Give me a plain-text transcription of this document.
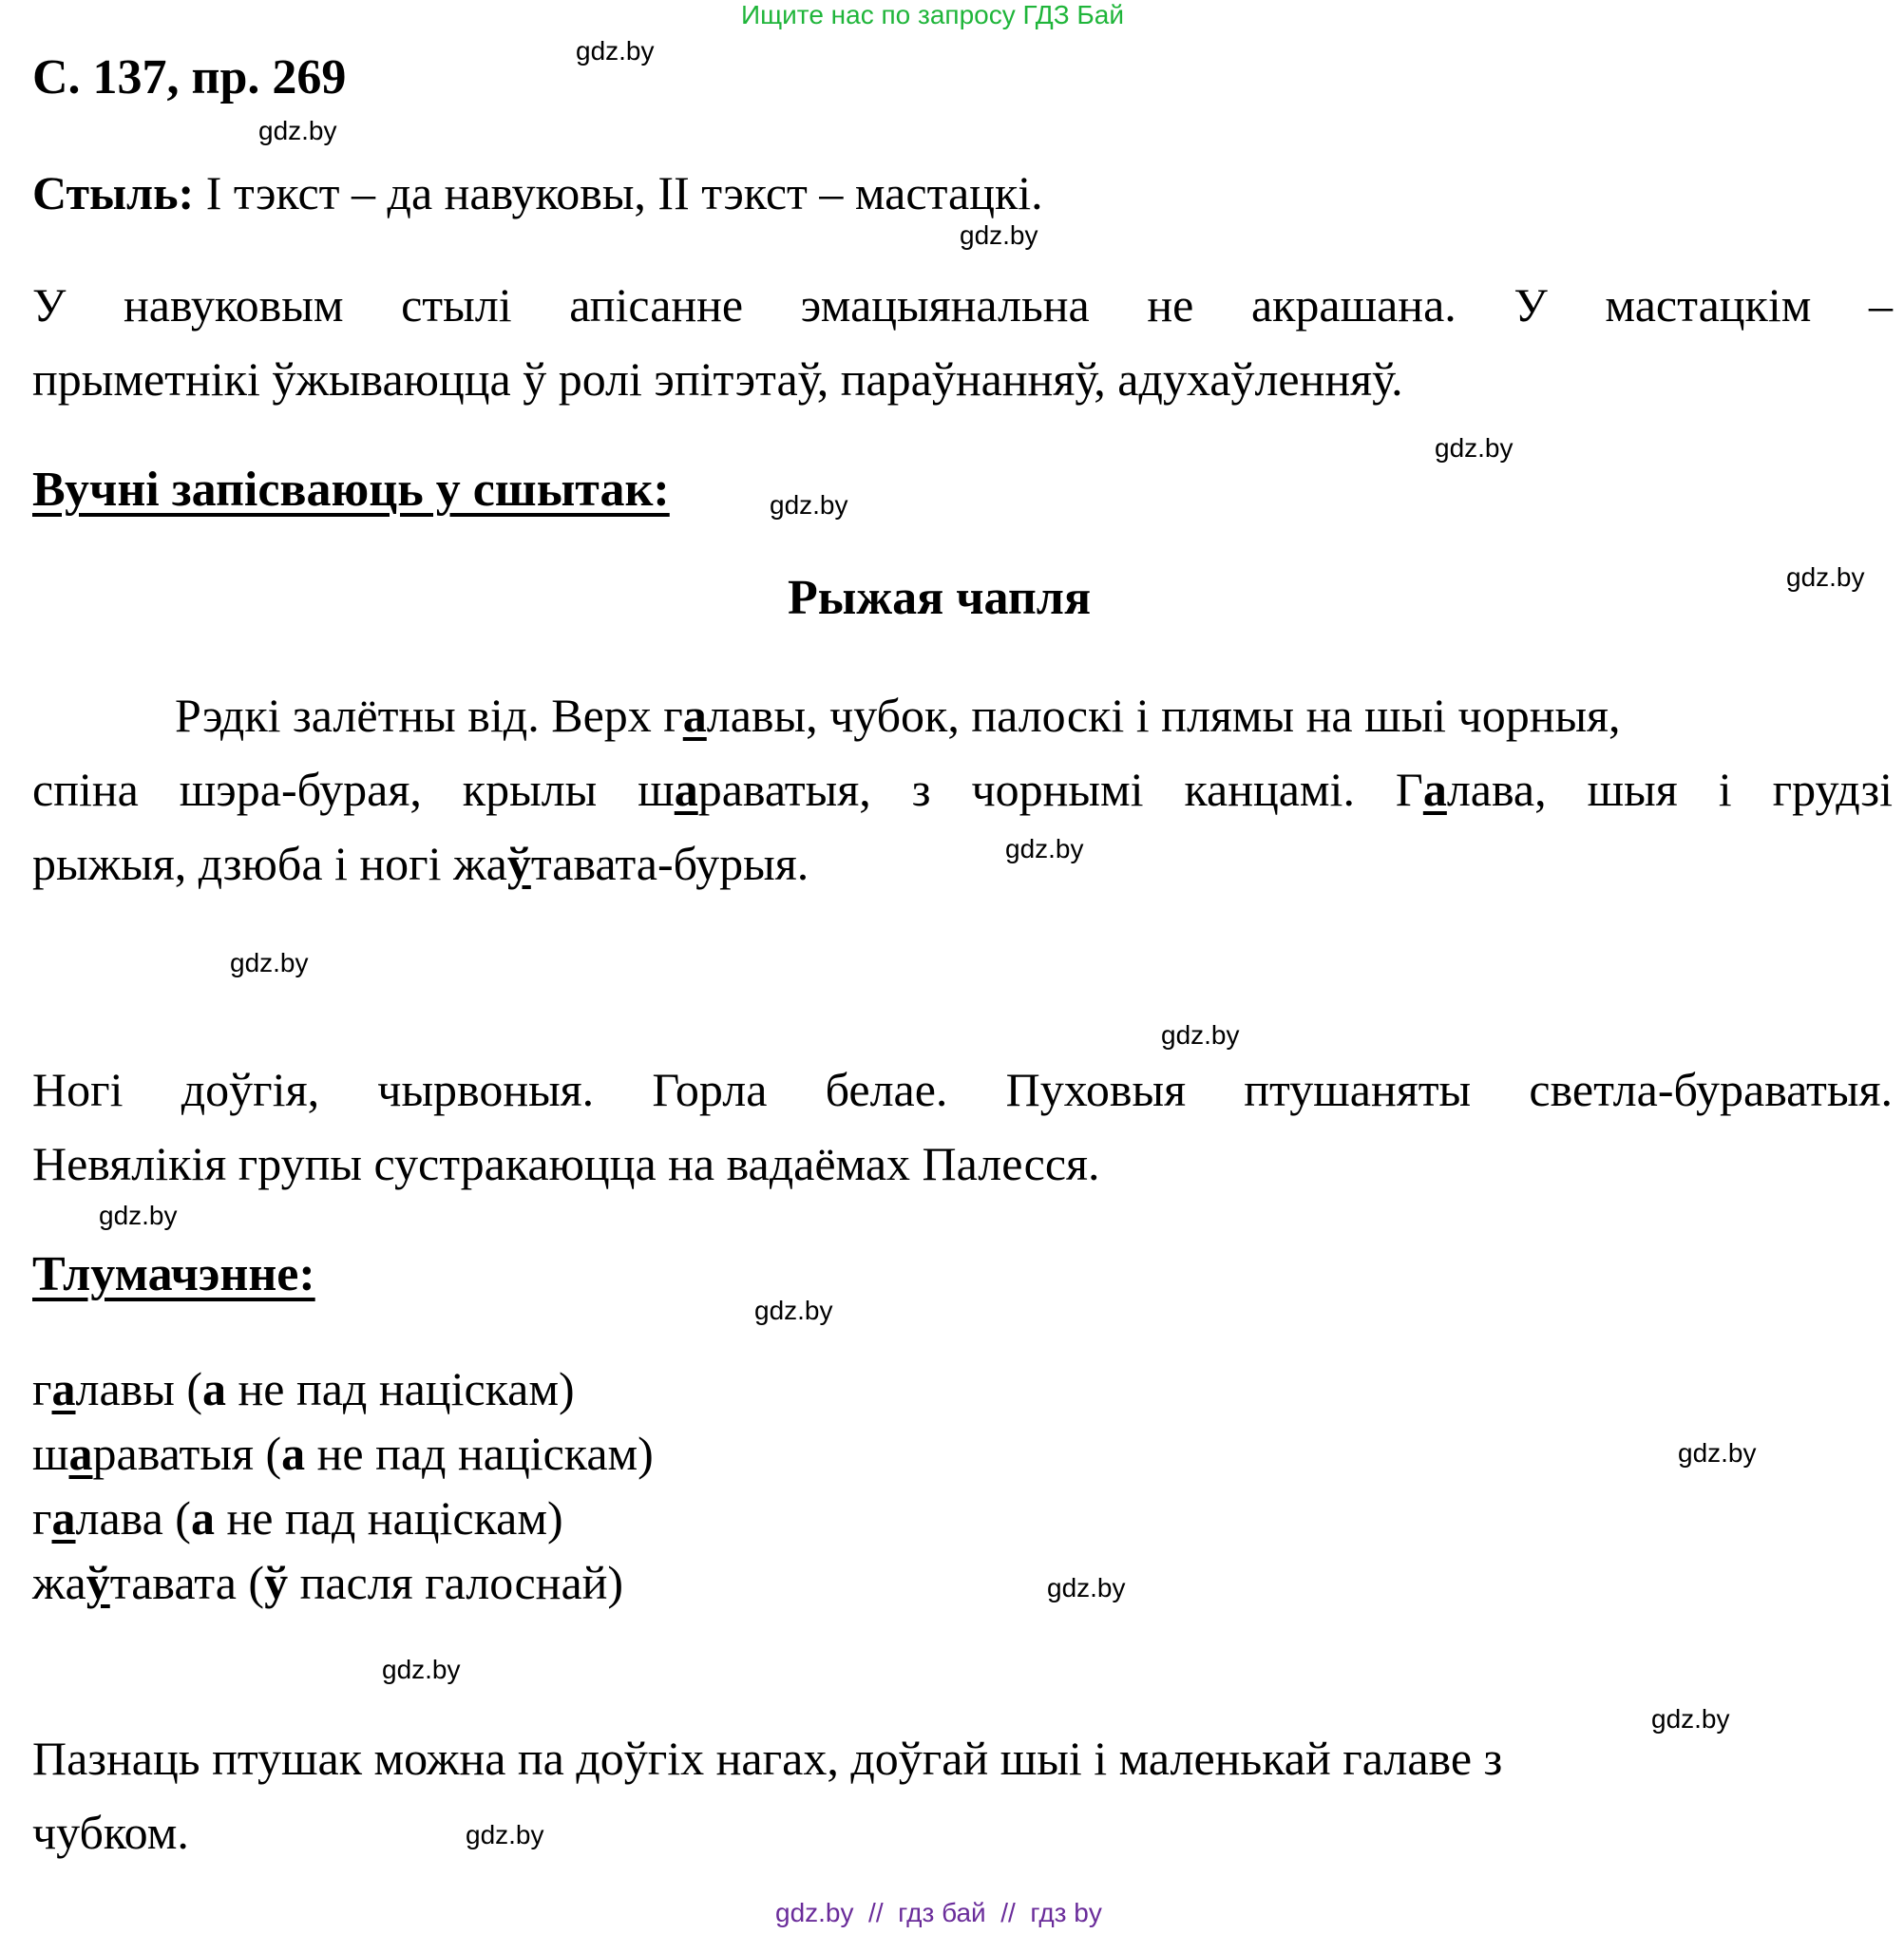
Ищите нас по запросу ГДЗ Бай
С. 137, пр. 269
Стыль: І тэкст – да навуковы, ІІ тэкст – мастацкі.
У навуковым стылі апісанне эмацыянальна не акрашана. У мастацкім –
прыметнікі ўжываюцца ў ролі эпітэтаў, параўнанняў, адухаўленняў.
Вучні запісваюць у сшытак:
Рыжая чапля
Рэдкі залётны від. Верх галавы, чубок, палоскі і плямы на шыі чорныя,
спіна шэра-бурая, крылы шараватыя, з чорнымі канцамі. Галава, шыя і грудзі
рыжыя, дзюба і ногі жаўтавата-бурыя.
Ногі доўгія, чырвоныя. Горла белае. Пуховыя птушаняты светла-бураватыя.
Невялікія групы сустракаюцца на вадаёмах Палесся.
Тлумачэнне:
галавы (а не пад націскам)
шараватыя (а не пад націскам)
галава (а не пад націскам)
жаўтавата (ў пасля галоснай)
Пазнаць птушак можна па доўгіх нагах, доўгай шыі і маленькай галаве з
чубком.
gdz.by
gdz.by
gdz.by
gdz.by
gdz.by
gdz.by
gdz.by
gdz.by
gdz.by
gdz.by
gdz.by
gdz.by
gdz.by
gdz.by
gdz.by
gdz.by
gdz.by  //  гдз бай  //  гдз by
